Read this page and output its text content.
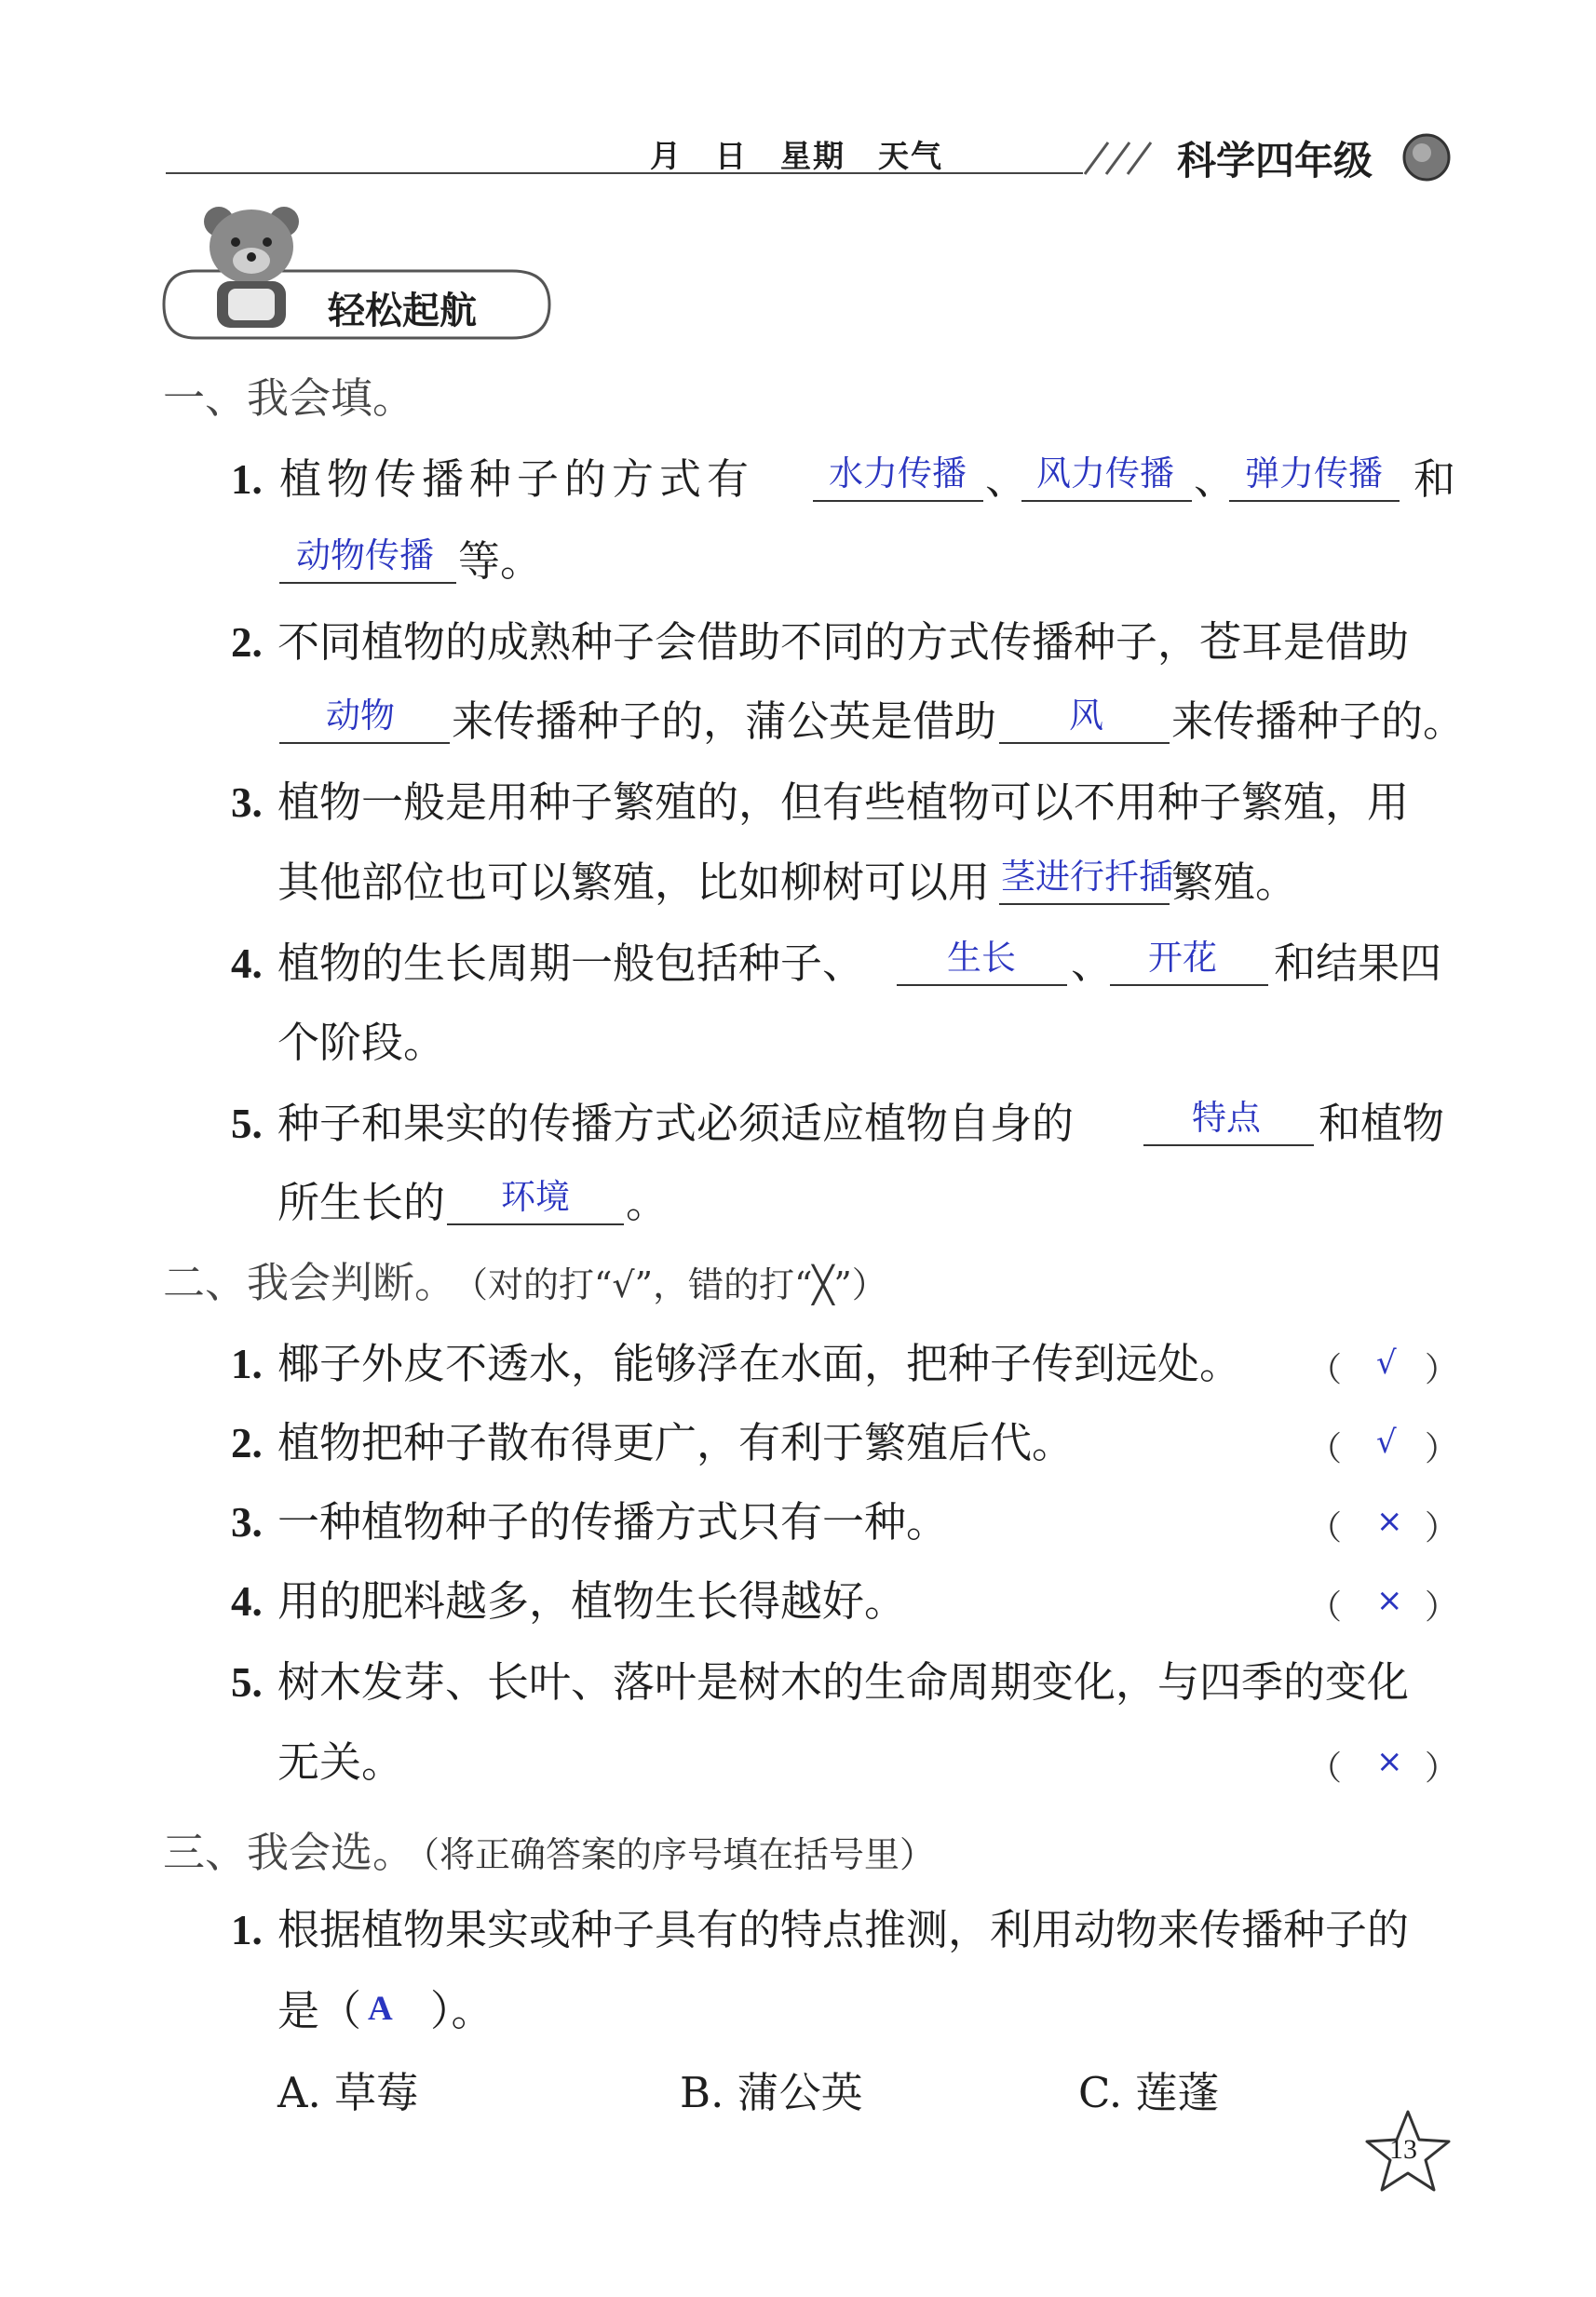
月　日　星期　天气	科学四年级
轻松起航
一、我会填。
1. 植物传播种子的方式有 水力传播 、 风力传播 、 弹力传播 和
动物传播 等。
2. 不同植物的成熟种子会借助不同的方式传播种子，苍耳是借助
动物 来传播种子的，蒲公英是借助 风 来传播种子的。
3. 植物一般是用种子繁殖的，但有些植物可以不用种子繁殖，用
其他部位也可以繁殖，比如柳树可以用 茎进行扦插
繁殖。
4. 植物的生长周期一般包括种子、 生长 、 开花 和结果四
个阶段。
5. 种子和果实的传播方式必须适应植物自身的	特点 和植物
所生长的 环境 。
二、我会判断。
（对的打“√”，错的打“╳”）
1. 椰子外皮不透水，能够浮在水面，把种子传到远处。 （ √ ）
2. 植物把种子散布得更广，有利于繁殖后代。	（ √ ）
3. 一种植物种子的传播方式只有一种。	（ × ）
4. 用的肥料越多，植物生长得越好。	（ × ）
5. 树木发芽、长叶、落叶是树木的生命周期变化，与四季的变化
无关。	（ × ）
三、我会选。
（将正确答案的序号填在括号里）
1. 根据植物果实或种子具有的特点推测，利用动物来传播种子的
是（ A ）。
A. 草莓	B. 蒲公英	C. 莲蓬
13
